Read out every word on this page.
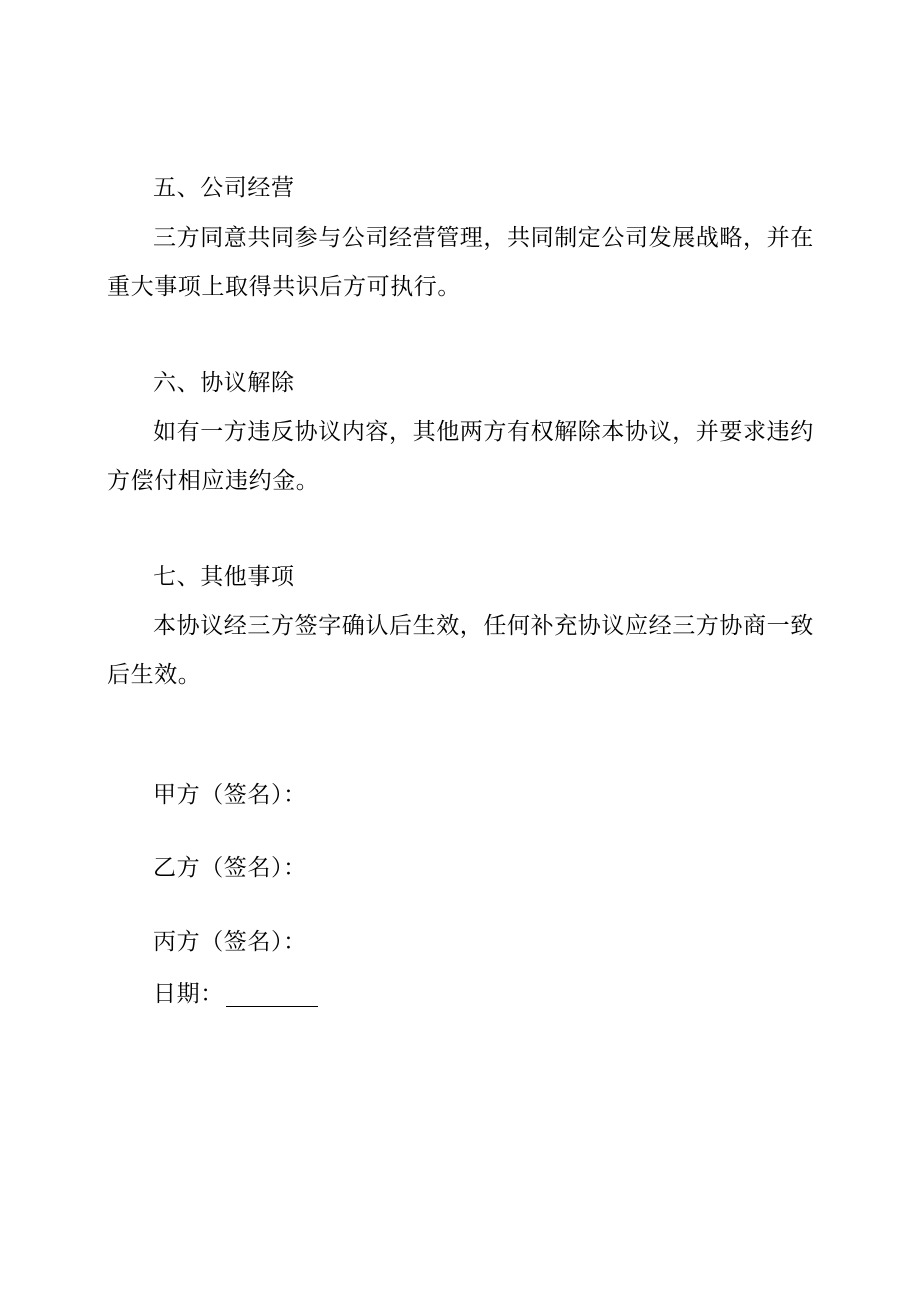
五、公司经营
三方同意共同参与公司经营管理，共同制定公司发展战略，并在
重大事项上取得共识后方可执行。
六、协议解除
如有一方违反协议内容，其他两方有权解除本协议，并要求违约
方偿付相应违约金。
七、其他事项
本协议经三方签字确认后生效，任何补充协议应经三方协商一致
后生效。
甲方（签名）：
乙方（签名）：
丙方（签名）：
日期：
